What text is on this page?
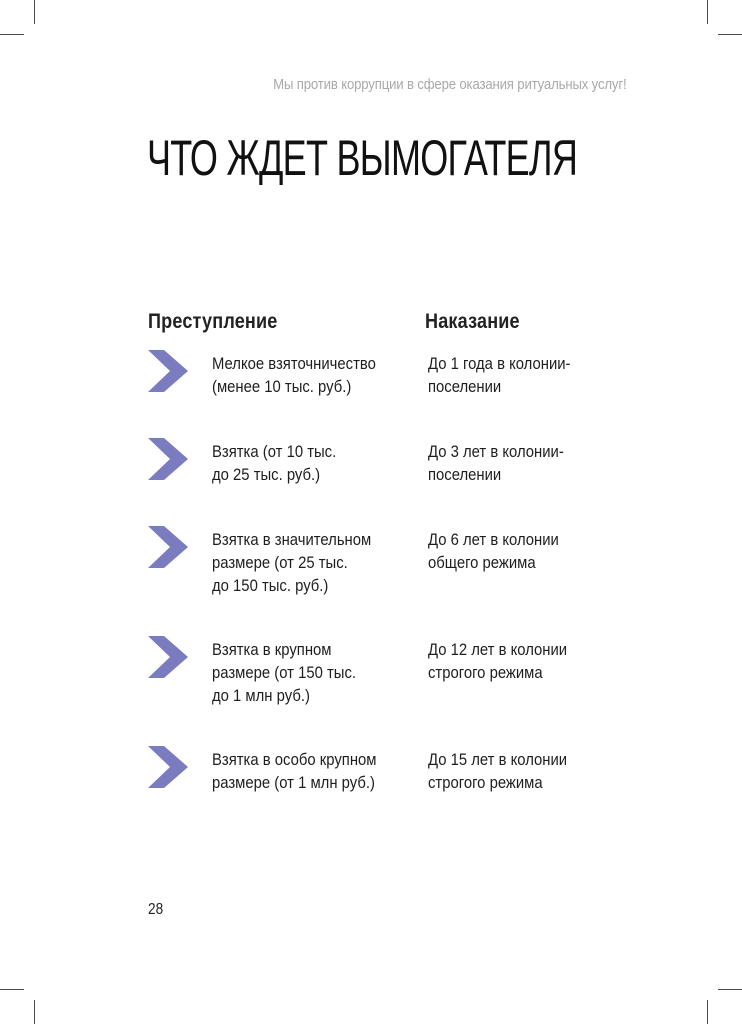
Мы против коррупции в сфере оказания ритуальных услуг!
ЧТО ЖДЕТ ВЫМОГАТЕЛЯ
Преступление	Наказание
Мелкое взяточничество
(менее 10 тыс. руб.)
До 1 года в колонии-
поселении
Взятка (от 10 тыс.
до 25 тыс. руб.)
До 3 лет в колонии-
поселении
Взятка в значительном
размере (от 25 тыс.
до 150 тыс. руб.)
До 6 лет в колонии
общего режима
Взятка в крупном
размере (от 150 тыс.
до 1 млн руб.)
До 12 лет в колонии
строгого режима
Взятка в особо крупном
размере (от 1 млн руб.)
До 15 лет в колонии
строгого режима
28
